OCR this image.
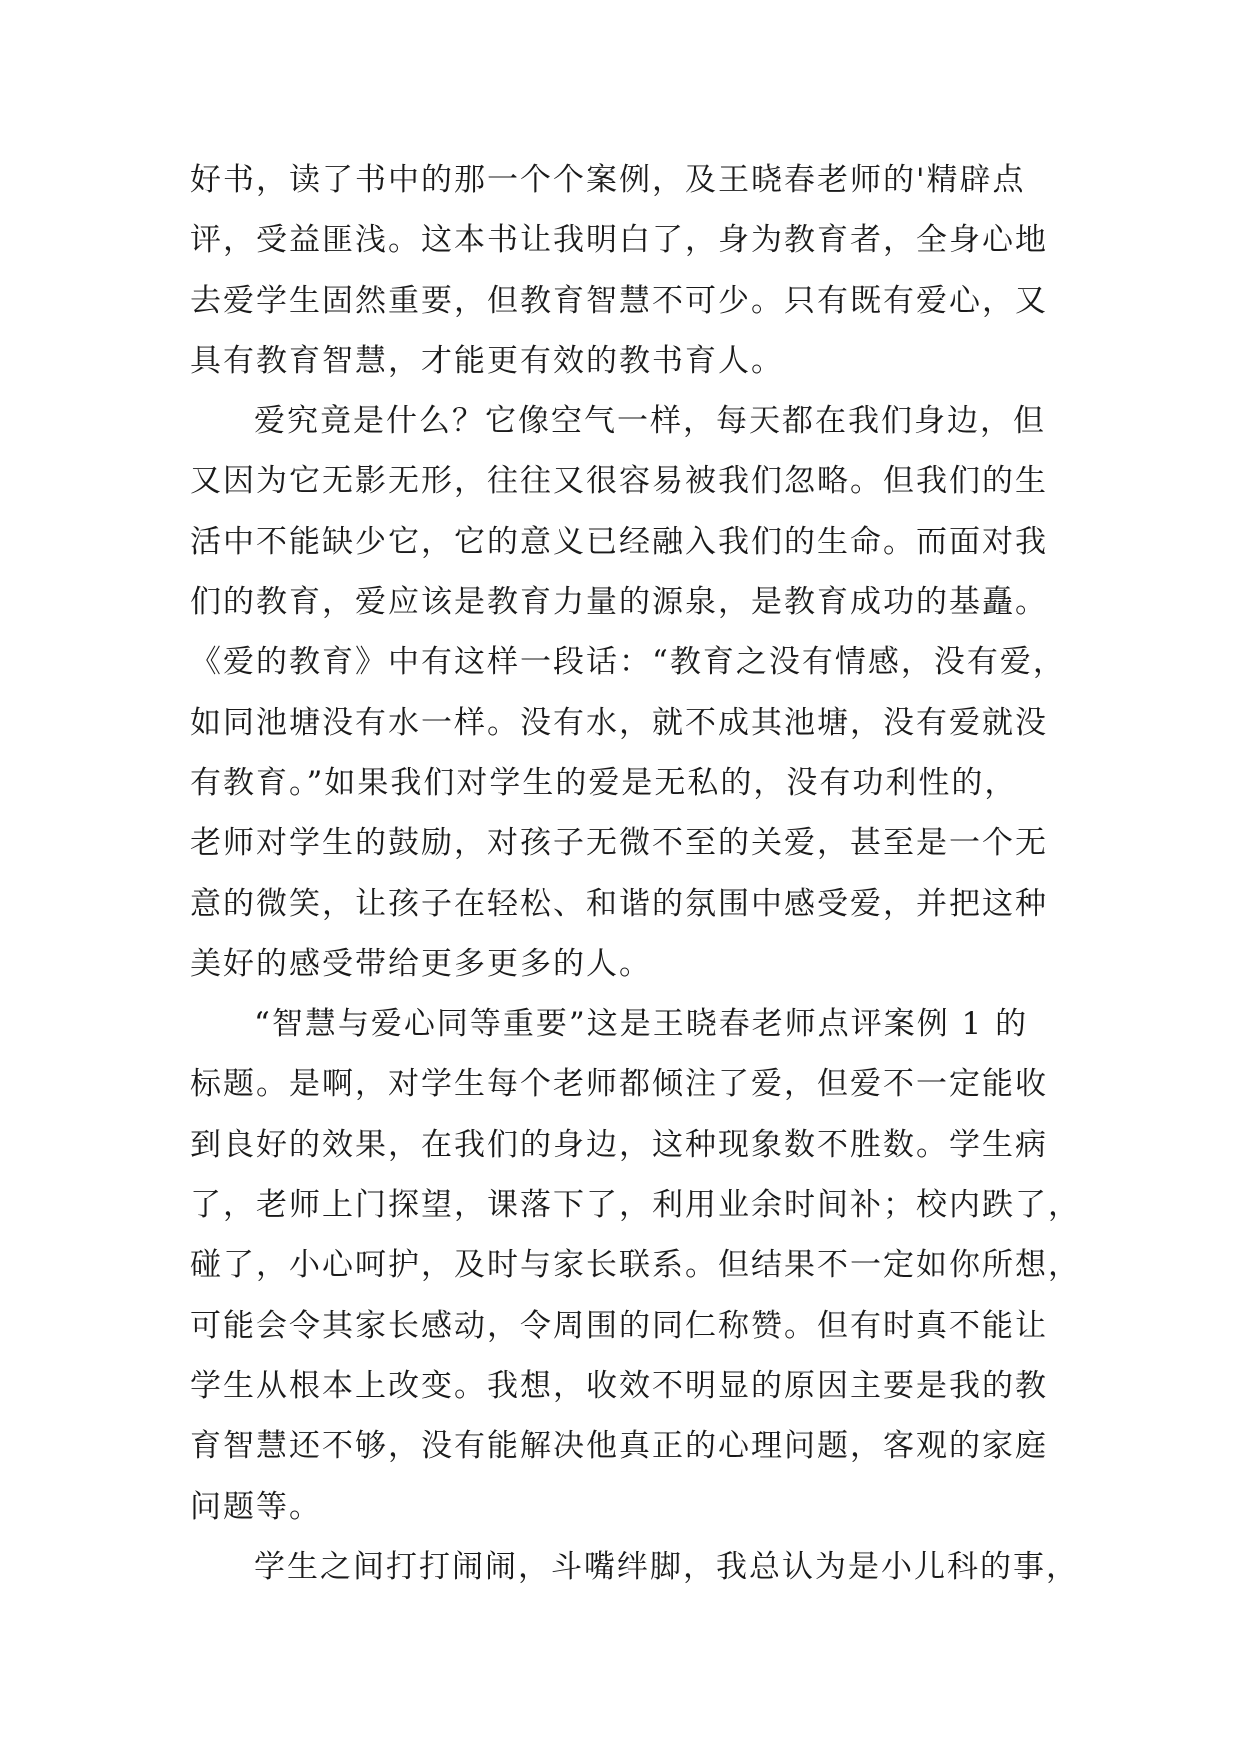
好书，读了书中的那一个个案例，及王晓春老师的'精辟点
评，受益匪浅。这本书让我明白了，身为教育者，全身心地
去爱学生固然重要，但教育智慧不可少。只有既有爱心，又
具有教育智慧，才能更有效的教书育人。
爱究竟是什么？它像空气一样，每天都在我们身边，但
又因为它无影无形，往往又很容易被我们忽略。但我们的生
活中不能缺少它，它的意义已经融入我们的生命。而面对我
们的教育，爱应该是教育力量的源泉，是教育成功的基矗。
《爱的教育》中有这样一段话：“教育之没有情感，没有爱，
如同池塘没有水一样。没有水，就不成其池塘，没有爱就没
有教育。”如果我们对学生的爱是无私的，没有功利性的，
老师对学生的鼓励，对孩子无微不至的关爱，甚至是一个无
意的微笑，让孩子在轻松、和谐的氛围中感受爱，并把这种
美好的感受带给更多更多的人。
“智慧与爱心同等重要”这是王晓春老师点评案例 1 的
标题。是啊，对学生每个老师都倾注了爱，但爱不一定能收
到良好的效果，在我们的身边，这种现象数不胜数。学生病
了，老师上门探望，课落下了，利用业余时间补；校内跌了，
碰了，小心呵护，及时与家长联系。但结果不一定如你所想，
可能会令其家长感动，令周围的同仁称赞。但有时真不能让
学生从根本上改变。我想，收效不明显的原因主要是我的教
育智慧还不够，没有能解决他真正的心理问题，客观的家庭
问题等。
学生之间打打闹闹，斗嘴绊脚，我总认为是小儿科的事，
